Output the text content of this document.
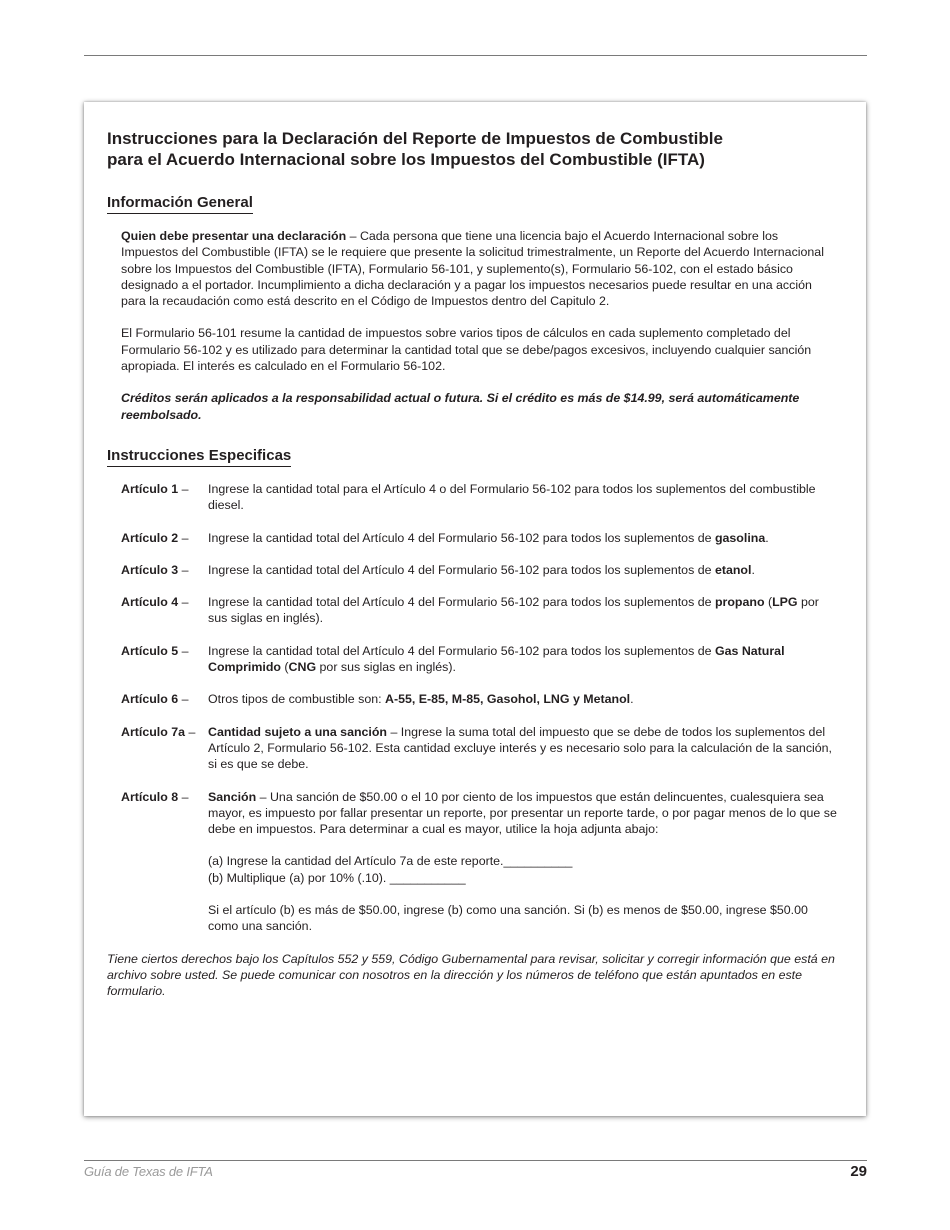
Instrucciones para la Declaración del Reporte de Impuestos de Combustible
para el Acuerdo Internacional sobre los Impuestos del Combustible (IFTA)
Información General

Quien debe presentar una declaración – Cada persona que tiene una licencia bajo el Acuerdo Internacional sobre los Impuestos del Combustible (IFTA) se le requiere que presente la solicitud trimestralmente, un Reporte del Acuerdo Internacional sobre los Impuestos del Combustible (IFTA), Formulario 56-101, y suplemento(s), Formulario 56-102, con el estado básico designado a el portador. Incumplimiento a dicha declaración y a pagar los impuestos necesarios puede resultar en una acción para la recaudación como está descrito en el Código de Impuestos dentro del Capitulo 2.

El Formulario 56-101 resume la cantidad de impuestos sobre varios tipos de cálculos en cada suplemento completado del Formulario 56-102 y es utilizado para determinar la cantidad total que se debe/pagos excesivos, incluyendo cualquier sanción apropiada. El interés es calculado en el Formulario 56-102.

Créditos serán aplicados a la responsabilidad actual o futura. Si el crédito es más de $14.99, será automáticamente reembolsado.

Instrucciones Especificas
Artículo 1 –	Ingrese la cantidad total para el Artículo 4 o del Formulario 56-102 para todos los suplementos del combustible diesel.
Artículo 2 –	Ingrese la cantidad total del Artículo 4 del Formulario 56-102 para todos los suplementos de gasolina.
Artículo 3 –	Ingrese la cantidad total del Artículo 4 del Formulario 56-102 para todos los suplementos de etanol.
Artículo 4 –	Ingrese la cantidad total del Artículo 4 del Formulario 56-102 para todos los suplementos de propano (LPG por sus siglas en inglés).
Artículo 5 –	Ingrese la cantidad total del Artículo 4 del Formulario 56-102 para todos los suplementos de Gas Natural Comprimido (CNG por sus siglas en inglés).
Artículo 6 –	Otros tipos de combustible son: A-55, E-85, M-85, Gasohol, LNG y Metanol.
Artículo 7a –	Cantidad sujeto a una sanción – Ingrese la suma total del impuesto que se debe de todos los suplementos del Artículo 2, Formulario 56-102. Esta cantidad excluye interés y es necesario solo para la calculación de la sanción, si es que se debe.
Artículo 8 –	Sanción – Una sanción de $50.00 o el 10 por ciento de los impuestos que están delincuentes, cualesquiera sea mayor, es impuesto por fallar presentar un reporte, por presentar un reporte tarde, o por pagar menos de lo que se debe en impuestos. Para determinar a cual es mayor, utilice la hoja adjunta abajo:
(a) Ingrese la cantidad del Artículo 7a de este reporte.__________
(b) Multiplique (a) por 10% (.10). ___________
Si el artículo (b) es más de $50.00, ingrese (b) como una sanción. Si (b) es menos de $50.00, ingrese $50.00 como una sanción.

Tiene ciertos derechos bajo los Capítulos 552 y 559, Código Gubernamental para revisar, solicitar y corregir información que está en archivo sobre usted. Se puede comunicar con nosotros en la dirección y los números de teléfono que están apuntados en este formulario.

Guía de Texas de IFTA	29
